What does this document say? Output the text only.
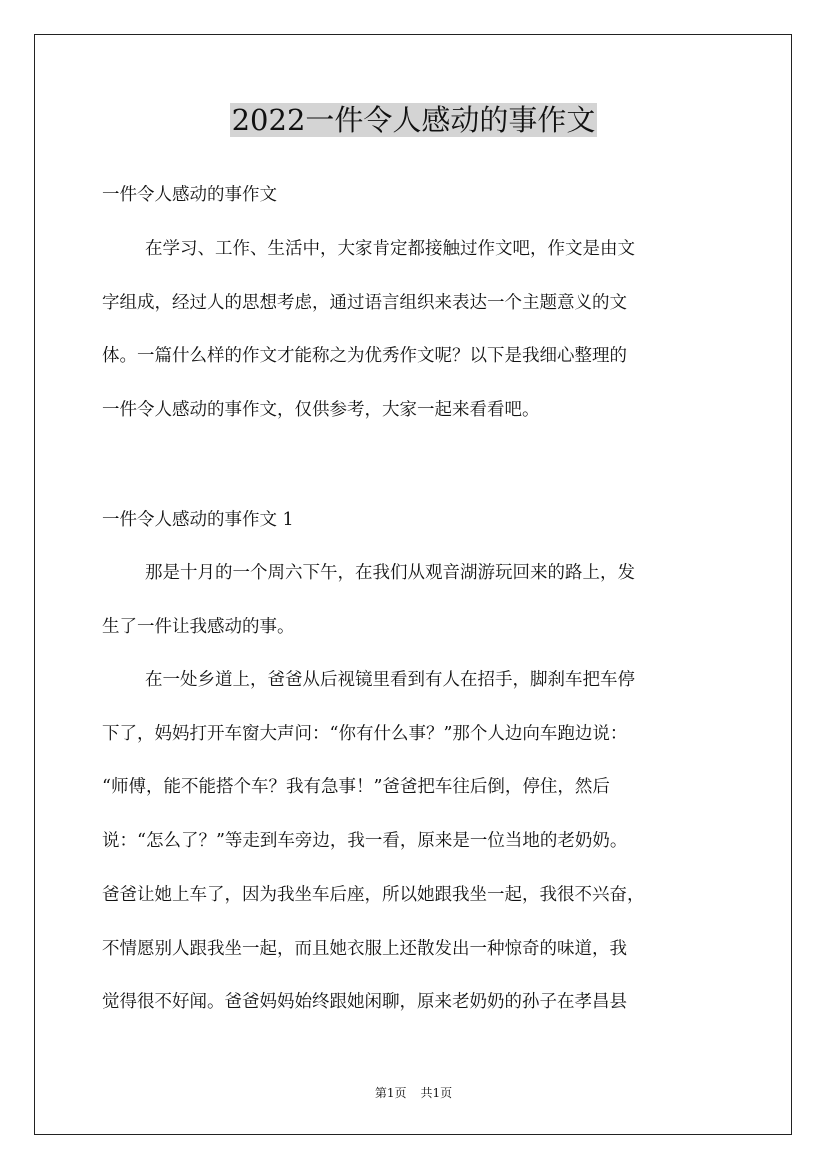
2022一件令人感动的事作文
一件令人感动的事作文
在学习、工作、生活中，大家肯定都接触过作文吧，作文是由文
字组成，经过人的思想考虑，通过语言组织来表达一个主题意义的文
体。一篇什么样的作文才能称之为优秀作文呢？以下是我细心整理的
一件令人感动的事作文，仅供参考，大家一起来看看吧。
一件令人感动的事作文 1
那是十月的一个周六下午，在我们从观音湖游玩回来的路上，发
生了一件让我感动的事。
在一处乡道上，爸爸从后视镜里看到有人在招手，脚刹车把车停
下了，妈妈打开车窗大声问：“你有什么事？”那个人边向车跑边说：
“师傅，能不能搭个车？我有急事！”爸爸把车往后倒，停住，然后
说：“怎么了？”等走到车旁边，我一看，原来是一位当地的老奶奶。
爸爸让她上车了，因为我坐车后座，所以她跟我坐一起，我很不兴奋，
不情愿别人跟我坐一起，而且她衣服上还散发出一种惊奇的味道，我
觉得很不好闻。爸爸妈妈始终跟她闲聊，原来老奶奶的孙子在孝昌县
第1页 共1页
